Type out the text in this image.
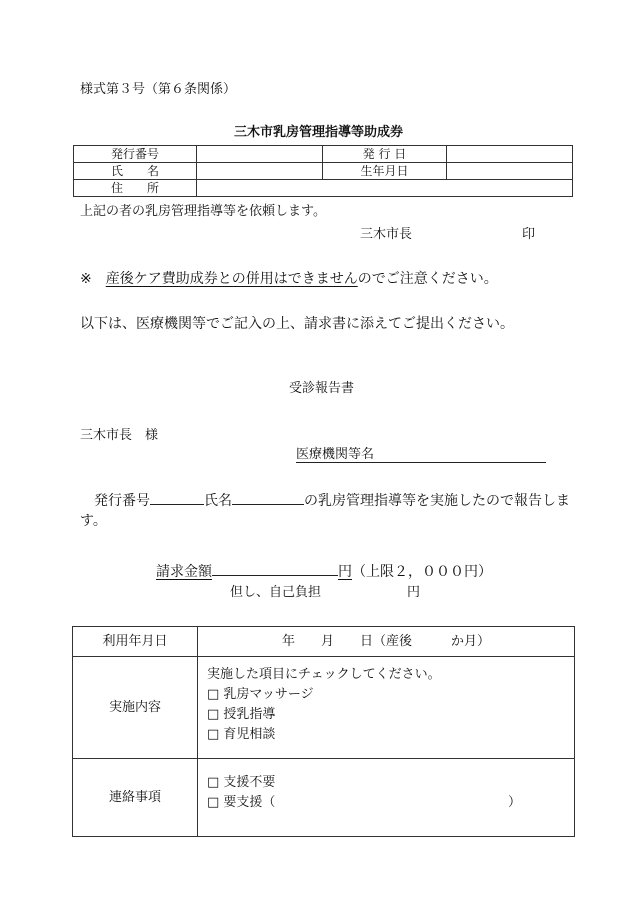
様式第３号（第６条関係）
三木市乳房管理指導等助成券
発行番号		発 行 日	
氏　　名		生年月日	
住　　所			
上記の者の乳房管理指導等を依頼します。
三木市長	印
※ 産後ケア費助成券との併用はできませんのでご注意ください。
以下は、医療機関等でご記入の上、請求書に添えてご提出ください。
受診報告書
三木市長　様
医療機関等名
発行番号	氏名	の乳房管理指導等を実施したので報告しま
す。
請求金額	円（上限２，０００円）
但し、自己負担	円
利用年月日	年　　月　　日（産後　　　か月）
実施内容	実施した項目にチェックしてください。
□ 乳房マッサージ
□ 授乳指導
□ 育児相談

連絡事項	□ 支援不要
□ 要支援（ ）
